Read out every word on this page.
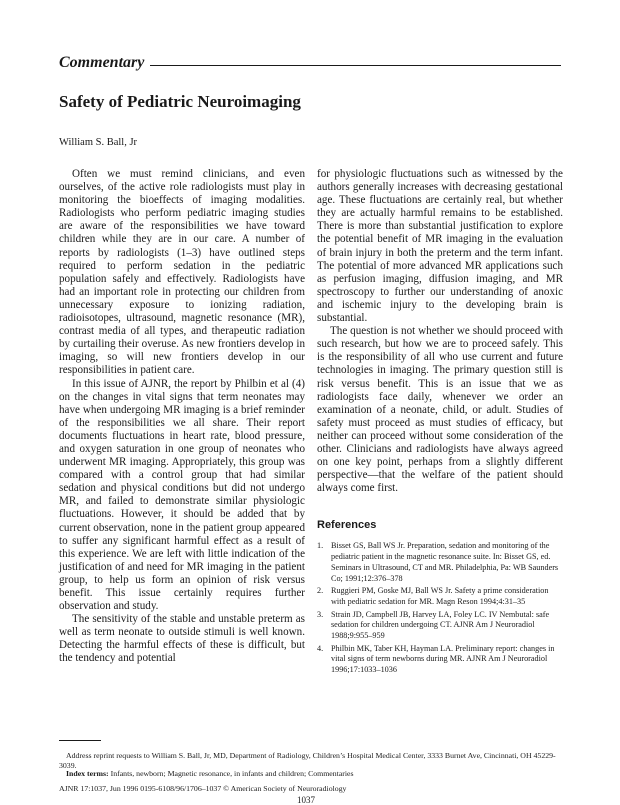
Commentary
Safety of Pediatric Neuroimaging

William S. Ball, Jr

Often we must remind clinicians, and even ourselves, of the active role radiologists must play in monitoring the bioeffects of imaging modalities. Radiologists who perform pediatric imaging studies are aware of the responsibilities we have toward children while they are in our care. A number of reports by radiologists (1–3) have outlined steps required to perform sedation in the pediatric population safely and effectively. Radiologists have had an important role in protecting our children from unnecessary exposure to ionizing radiation, radioisotopes, ultrasound, magnetic resonance (MR), contrast media of all types, and therapeutic radiation by curtailing their overuse. As new frontiers develop in imaging, so will new frontiers develop in our responsibilities in patient care.

In this issue of AJNR, the report by Philbin et al (4) on the changes in vital signs that term neonates may have when undergoing MR imaging is a brief reminder of the responsibilities we all share. Their report documents fluctuations in heart rate, blood pressure, and oxygen saturation in one group of neonates who underwent MR imaging. Appropriately, this group was compared with a control group that had similar sedation and physical conditions but did not undergo MR, and failed to demonstrate similar physiologic fluctuations. However, it should be added that by current observation, none in the patient group appeared to suffer any significant harmful effect as a result of this experience. We are left with little indication of the justification of and need for MR imaging in the patient group, to help us form an opinion of risk versus benefit. This issue certainly requires further observation and study.

The sensitivity of the stable and unstable preterm as well as term neonate to outside stimuli is well known. Detecting the harmful effects of these is difficult, but the tendency and potential

for physiologic fluctuations such as witnessed by the authors generally increases with decreasing gestational age. These fluctuations are certainly real, but whether they are actually harmful remains to be established. There is more than substantial justification to explore the potential benefit of MR imaging in the evaluation of brain injury in both the preterm and the term infant. The potential of more advanced MR applications such as perfusion imaging, diffusion imaging, and MR spectroscopy to further our understanding of anoxic and ischemic injury to the developing brain is substantial.

The question is not whether we should proceed with such research, but how we are to proceed safely. This is the responsibility of all who use current and future technologies in imaging. The primary question still is risk versus benefit. This is an issue that we as radiologists face daily, whenever we order an examination of a neonate, child, or adult. Studies of safety must proceed as must studies of efficacy, but neither can proceed without some consideration of the other. Clinicians and radiologists have always agreed on one key point, perhaps from a slightly different perspective—that the welfare of the patient should always come first.

References
1. Bisset GS, Ball WS Jr. Preparation, sedation and monitoring of the pediatric patient in the magnetic resonance suite. In: Bisset GS, ed. Seminars in Ultrasound, CT and MR. Philadelphia, Pa: WB Saunders Co; 1991;12:376–378
2. Ruggieri PM, Goske MJ, Ball WS Jr. Safety a prime consideration with pediatric sedation for MR. Magn Reson 1994;4:31–35
3. Strain JD, Campbell JB, Harvey LA, Foley LC. IV Nembutal: safe sedation for children undergoing CT. AJNR Am J Neuroradiol 1988;9:955–959
4. Philbin MK, Taber KH, Hayman LA. Preliminary report: changes in vital signs of term newborns during MR. AJNR Am J Neuroradiol 1996;17:1033–1036

Address reprint requests to William S. Ball, Jr, MD, Department of Radiology, Children’s Hospital Medical Center, 3333 Burnet Ave, Cincinnati, OH 45229-3039.

Index terms: Infants, newborn; Magnetic resonance, in infants and children; Commentaries

AJNR 17:1037, Jun 1996 0195-6108/96/1706–1037 © American Society of Neuroradiology
1037
